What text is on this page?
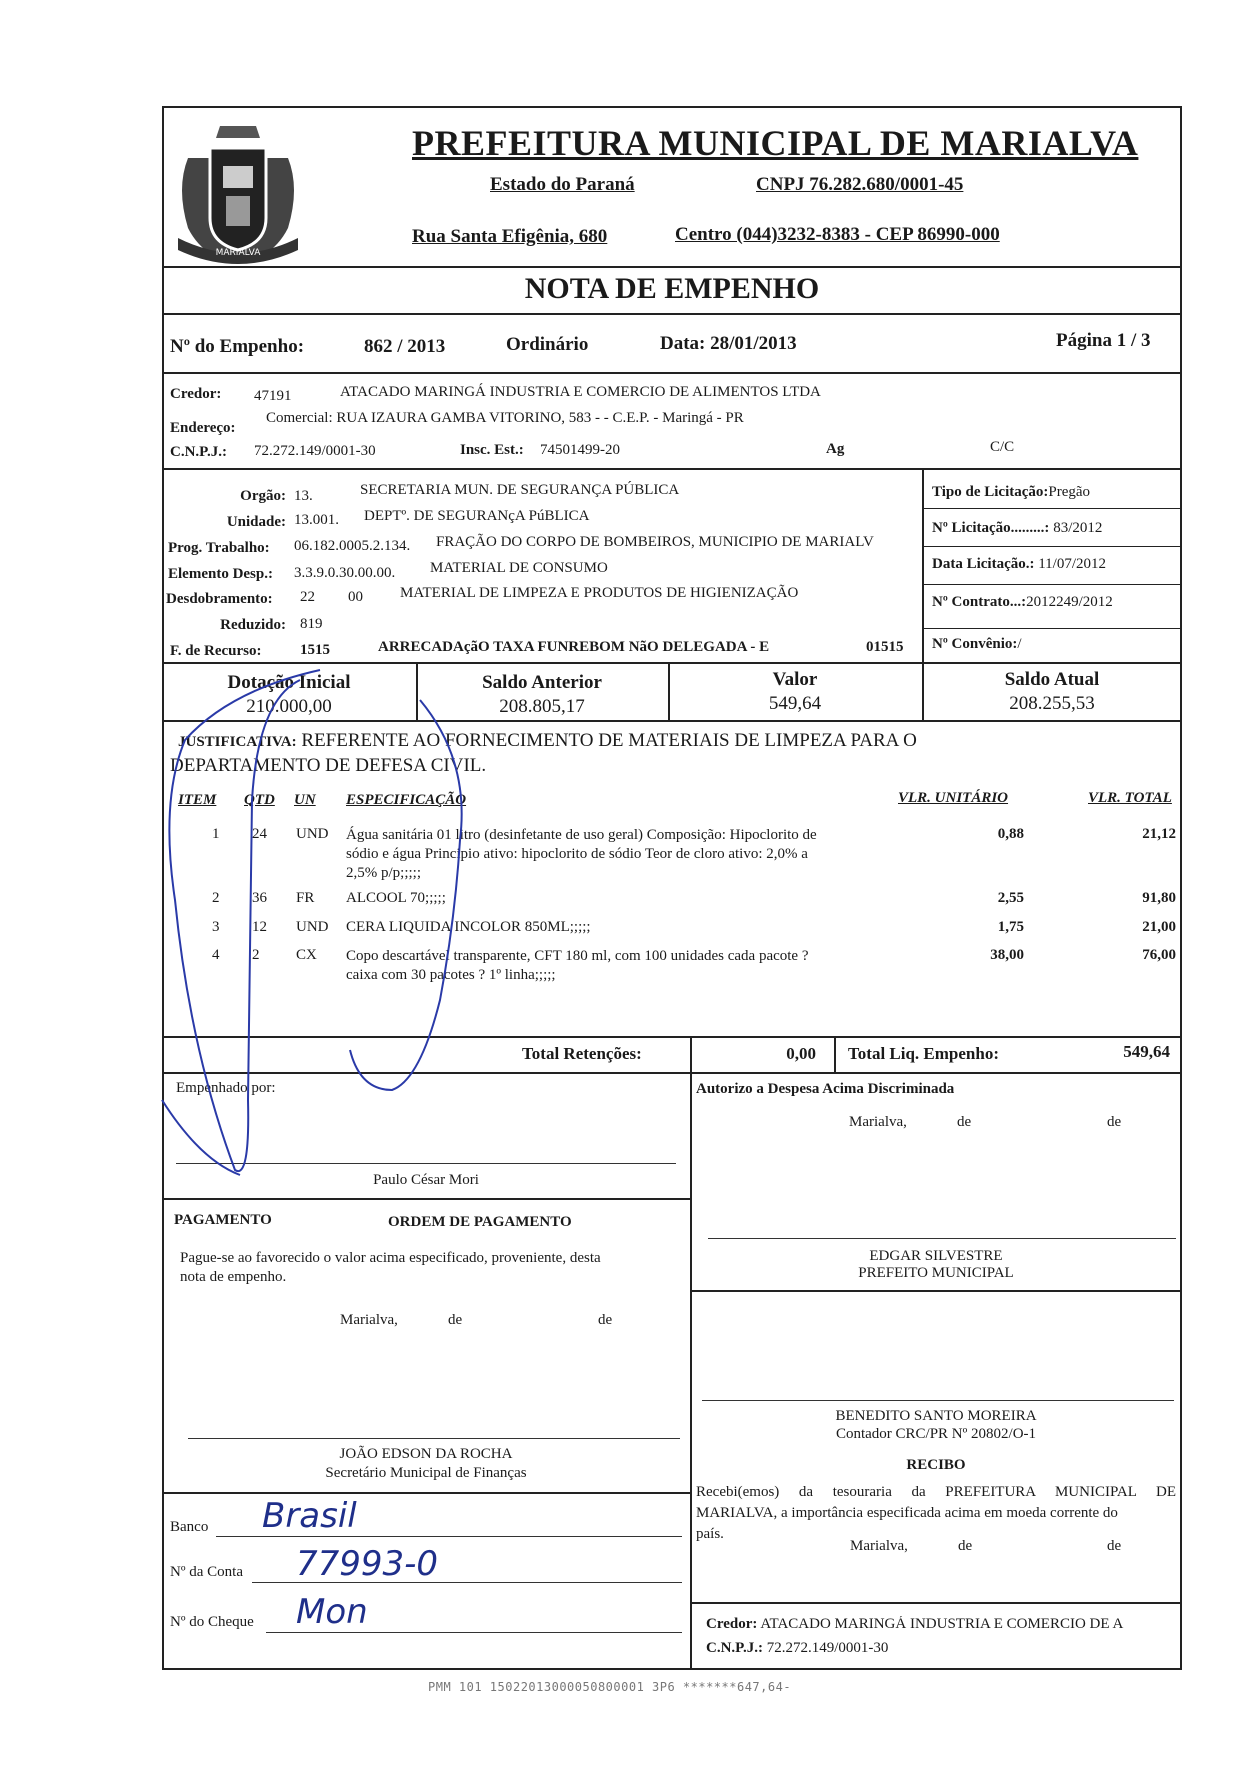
MARIALVA
PREFEITURA MUNICIPAL DE MARIALVA
Estado do Paraná	CNPJ 76.282.680/0001-45
Rua Santa Efigênia, 680	Centro (044)3232-8383 - CEP 86990-000
NOTA DE EMPENHO
Nº do Empenho:	862 / 2013	Ordinário	Data: 28/01/2013	Página 1 / 3
Credor: 47191	ATACADO MARINGÁ INDUSTRIA E COMERCIO DE ALIMENTOS LTDA
Endereço:
Comercial: RUA IZAURA GAMBA VITORINO, 583 - - C.E.P. - Maringá - PR
C.N.P.J.: 72.272.149/0001-30	Insc. Est.: 74501499-20	Ag	C/C
Orgão: 13.	SECRETARIA MUN. DE SEGURANÇA PÚBLICA
Unidade: 13.001. DEPTº. DE SEGURANçA PúBLICA
Prog. Trabalho: 06.182.0005.2.134. FRAÇÃO DO CORPO DE BOMBEIROS, MUNICIPIO DE MARIALV
Elemento Desp.: 3.3.9.0.30.00.00. MATERIAL DE CONSUMO
Desdobramento: 22 00 MATERIAL DE LIMPEZA E PRODUTOS DE HIGIENIZAÇÃO
Reduzido: 819
F. de Recurso:	1515	ARRECADAçãO TAXA FUNREBOM NãO DELEGADA - E	01515
Tipo de Licitação:Pregão
Nº Licitação.........: 83/2012
Data Licitação.: 11/07/2012
Nº Contrato...:2012249/2012
Nº Convênio:/
Dotação Inicial
210.000,00
Saldo Anterior
208.805,17
Valor
549,64
Saldo Atual
208.255,53
JUSTIFICATIVA: REFERENTE AO FORNECIMENTO DE MATERIAIS DE LIMPEZA PARA O
DEPARTAMENTO DE DEFESA CIVIL.
ITEM QTD UN ESPECIFICAÇÃO	VLR. UNITÁRIO	VLR. TOTAL
1 24 UND Água sanitária 01 litro (desinfetante de uso geral) Composição: Hipoclorito de
sódio e água Principio ativo: hipoclorito de sódio Teor de cloro ativo: 2,0% a
2,5% p/p;;;;;
0,88	21,12
2 36 FR ALCOOL 70;;;;;	2,55	91,80
3 12 UND CERA LIQUIDA INCOLOR 850ML;;;;;	1,75	21,00
4 2 CX Copo descartável transparente, CFT 180 ml, com 100 unidades cada pacote ?
caixa com 30 pacotes ? 1º linha;;;;;
38,00	76,00
Total Retenções:	0,00 Total Liq. Empenho:	549,64
Empenhado por:
Paulo César Mori
Autorizo a Despesa Acima Discriminada
Marialva,	de	de
EDGAR SILVESTRE
PREFEITO MUNICIPAL
PAGAMENTO	ORDEM DE PAGAMENTO
Pague-se ao favorecido o valor acima especificado, proveniente, desta
nota de empenho.
Marialva,	de	de
JOÃO EDSON DA ROCHA
Secretário Municipal de Finanças
Banco Brasil
Nº da Conta 77993-0
Nº do Cheque Mon
BENEDITO SANTO MOREIRA
Contador CRC/PR Nº 20802/O-1
RECIBO
Recebi(emos) da tesouraria da PREFEITURA MUNICIPAL DE
MARIALVA, a importância especificada acima em moeda corrente do
país.
Marialva,	de	de
Credor: ATACADO MARINGÁ INDUSTRIA E COMERCIO DE A
C.N.P.J.: 72.272.149/0001-30
PMM 101 15022013000050800001 3P6 *******647,64-
